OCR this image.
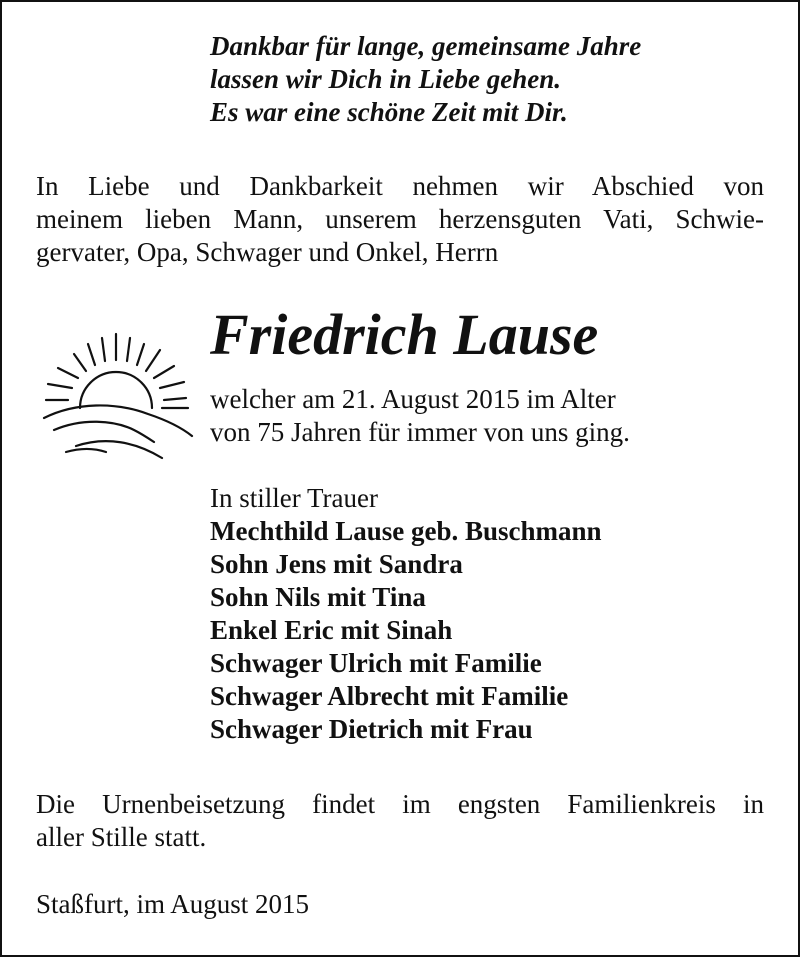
Dankbar für lange, gemeinsame Jahre
lassen wir Dich in Liebe gehen.
Es war eine schöne Zeit mit Dir.
In Liebe und Dankbarkeit nehmen wir Abschied von
meinem lieben Mann, unserem herzensguten Vati, Schwie-
gervater, Opa, Schwager und Onkel, Herrn
Friedrich Lause
welcher am 21. August 2015 im Alter
von 75 Jahren für immer von uns ging.
In stiller Trauer
Mechthild Lause geb. Buschmann
Sohn Jens mit Sandra
Sohn Nils mit Tina
Enkel Eric mit Sinah
Schwager Ulrich mit Familie
Schwager Albrecht mit Familie
Schwager Dietrich mit Frau
Die Urnenbeisetzung findet im engsten Familienkreis in
aller Stille statt.
Staßfurt, im August 2015
